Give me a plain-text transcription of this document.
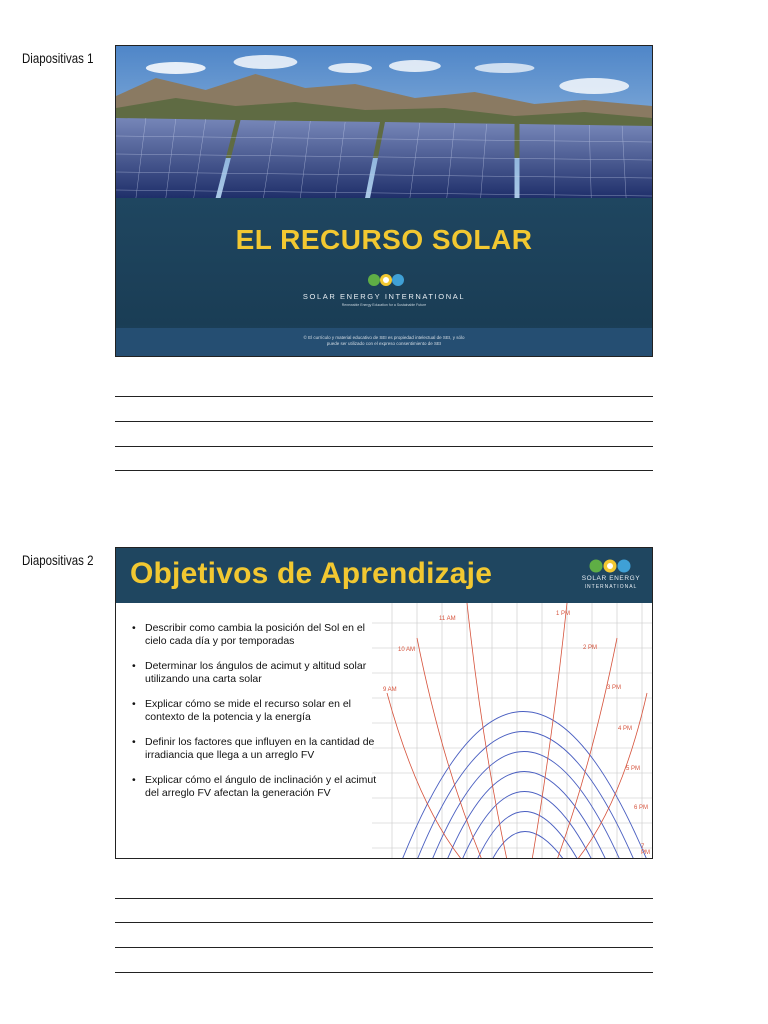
Diapositivas 1
EL RECURSO SOLAR
SOLAR ENERGY INTERNATIONAL
Renewable Energy Education for a Sustainable Future
© El currículo y material educativo de SEI es propiedad intelectual de SEI, y sólo
puede ser utilizado con el expreso consentimiento de SEI
Diapositivas 2 Objetivos de Aprendizaje	SOLAR ENERGY
INTERNATIONAL
11 AM
1 PM
10 AM	2 PM
9 AM	3 PM
4 PM
5 PM
6 PM
7 PM
• Describir como cambia la posición del Sol en el cielo cada día y por temporadas
• Determinar los ángulos de acimut y altitud solar utilizando una carta solar
• Explicar cómo se mide el recurso solar en el contexto de la potencia y la energía
• Definir los factores que influyen en la cantidad de irradiancia que llega a un arreglo FV
• Explicar cómo el ángulo de inclinación y el acimut del arreglo FV afectan la generación FV
